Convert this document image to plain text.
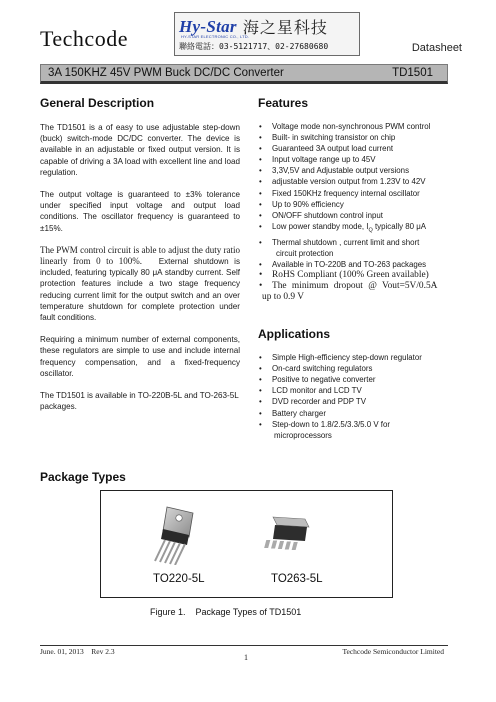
Techcode	Hy-Star 海之星科技
HY-STAR ELECTRONIC CO., LTD.
聯絡電話：03-5121717、02-27680680	Datasheet
3A 150KHZ 45V PWM Buck DC/DC Converter	TD1501
General Description

The TD1501 is a of easy to use adjustable step-down (buck) switch-mode DC/DC converter. The device is available in an adjustable or fixed output version. It is capable of driving a 3A load with excellent line and load regulation.

The output voltage is guaranteed to ±3% tolerance under specified input voltage and output load conditions. The oscillator frequency is guaranteed to ±15%.

The PWM control circuit is able to adjust the duty ratio linearly from 0 to 100%. External shutdown is included, featuring typically 80 μA standby current. Self protection features include a two stage frequency reducing current limit for the output switch and an over temperature shutdown for complete protection under fault conditions.

Requiring a minimum number of external components, these regulators are simple to use and include internal frequency compensation, and a fixed-frequency oscillator.

The TD1501 is available in TO-220B-5L and TO-263-5L packages.

Features
• Voltage mode non-synchronous PWM control
• Built- in switching transistor on chip
• Guaranteed 3A output load current
• Input voltage range up to 45V
• 3,3V,5V and Adjustable output versions
• adjustable version output from 1.23V to 42V
• Fixed 150KHz frequency internal oscillator
• Up to 90% efficiency
• ON/OFF shutdown control input
• Low power standby mode, $I_Q$ typically 80 μA
• Thermal shutdown , current limit and short
circuit protection
• Available in TO-220B and TO-263 packages
• RoHS Compliant (100% Green available)
• The minimum dropout @ Vout=5V/0.5A
up to 0.9 V
Applications
• Simple High-efficiency step-down regulator
• On-card switching regulators
• Positive to negative converter
• LCD monitor and LCD TV
• DVD recorder and PDP TV
• Battery charger
• Step-down to 1.8/2.5/3.3/5.0 V for
microprocessors
Package Types
TO220-5L	TO263-5L
Figure 1.    Package Types of TD1501
June. 01, 2013    Rev 2.3	Techcode Semiconductor Limited
1
